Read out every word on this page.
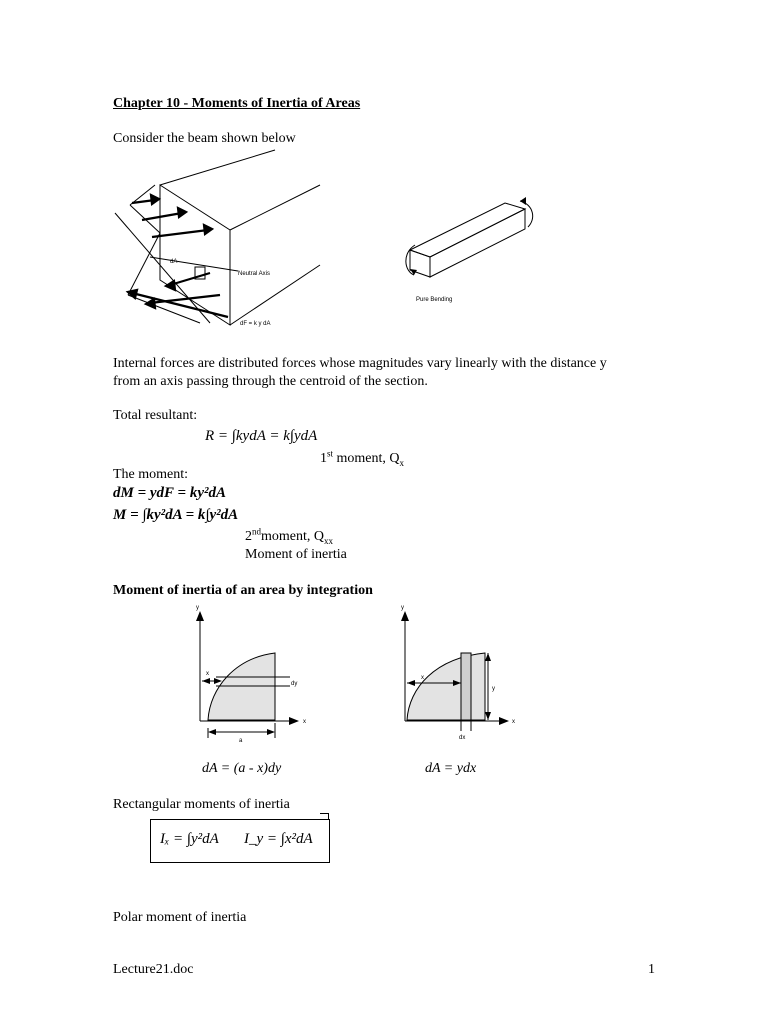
Chapter 10 - Moments of Inertia of Areas

Consider the beam shown below

dA
Neutral Axis
dF = k y dA
Pure Bending

Internal forces are distributed forces whose magnitudes vary linearly with the distance y

from an axis passing through the centroid of the section.

Total resultant:

R = ∫kydA = k∫ydA

1st moment, $Q_x$

The moment:

dM = ydF = ky²dA

M = ∫ky²dA = k∫y²dA

2ndmoment, $Q_{xx}$

Moment of inertia

Moment of inertia of an area by integration

y
x
x
dy
a
y
x
x
y
dx

dA = (a - x)dy	dA = ydx

Rectangular moments of inertia

Iₓ = ∫y²dA I_y = ∫x²dA

Polar moment of inertia

Lecture21.doc	1
